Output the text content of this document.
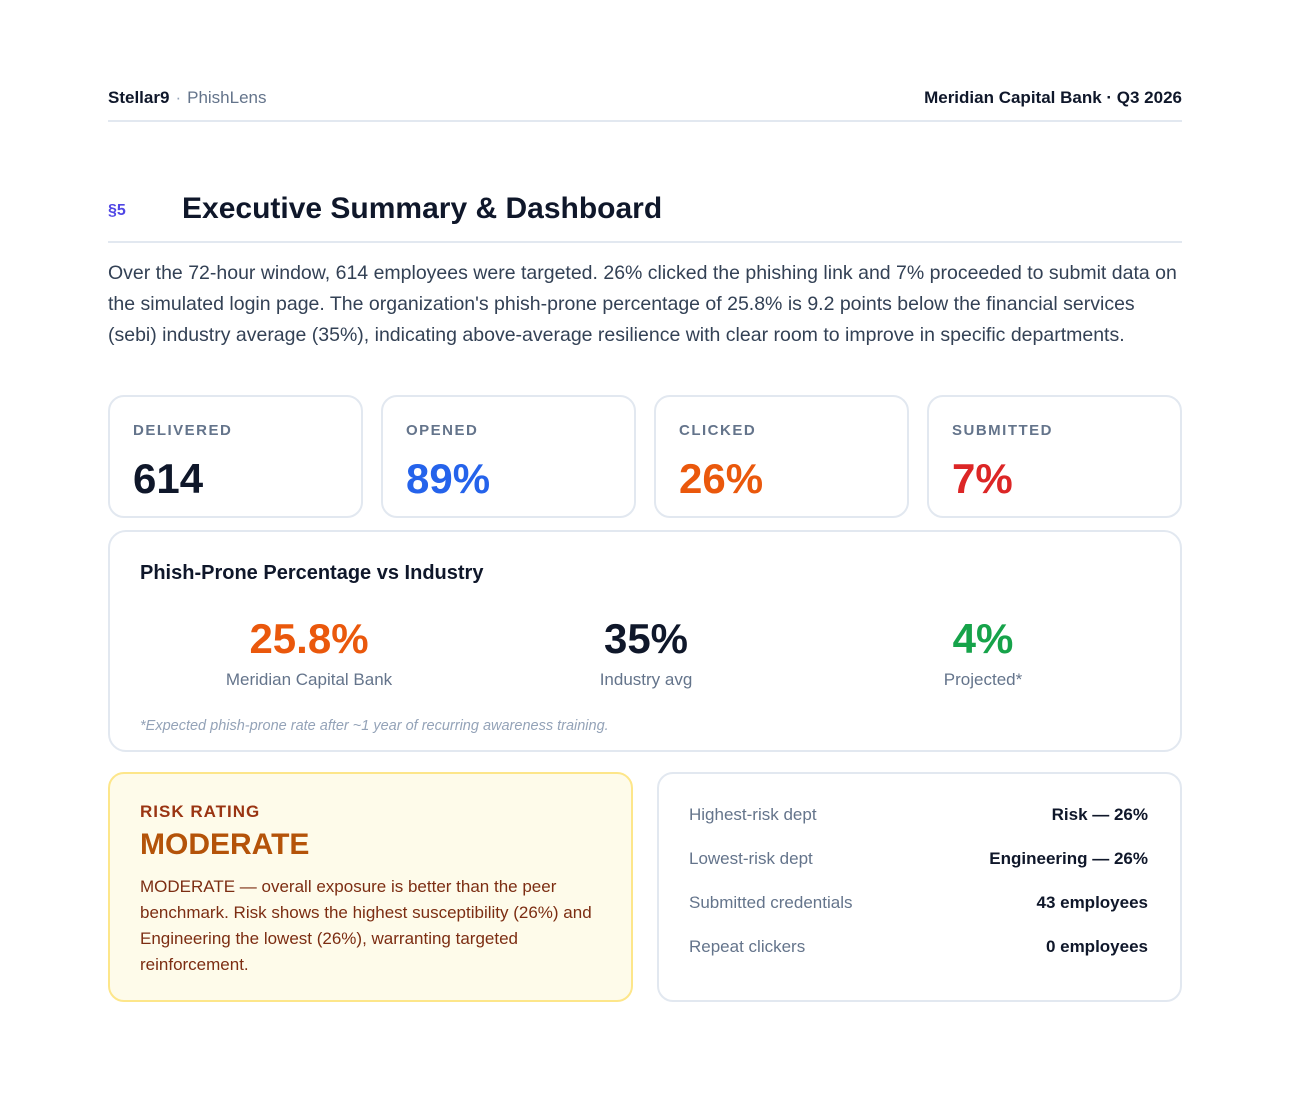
Stellar9 · PhishLens	Meridian Capital Bank · Q3 2026
§5 Executive Summary & Dashboard

Over the 72-hour window, 614 employees were targeted. 26% clicked the phishing link and 7% proceeded to submit data on the simulated login page. The organization's phish-prone percentage of 25.8% is 9.2 points below the financial services (sebi) industry average (35%), indicating above-average resilience with clear room to improve in specific departments.

DELIVERED
614
OPENED
89%
CLICKED
26%
SUBMITTED
7%
Phish-Prone Percentage vs Industry
25.8%
Meridian Capital Bank
35%
Industry avg
4%
Projected*
*Expected phish-prone rate after ~1 year of recurring awareness training.
RISK RATING
MODERATE

MODERATE — overall exposure is better than the peer benchmark. Risk shows the highest susceptibility (26%) and Engineering the lowest (26%), warranting targeted reinforcement.

Highest-risk dept	Risk — 26%
Lowest-risk dept	Engineering — 26%
Submitted credentials	43 employees
Repeat clickers	0 employees
